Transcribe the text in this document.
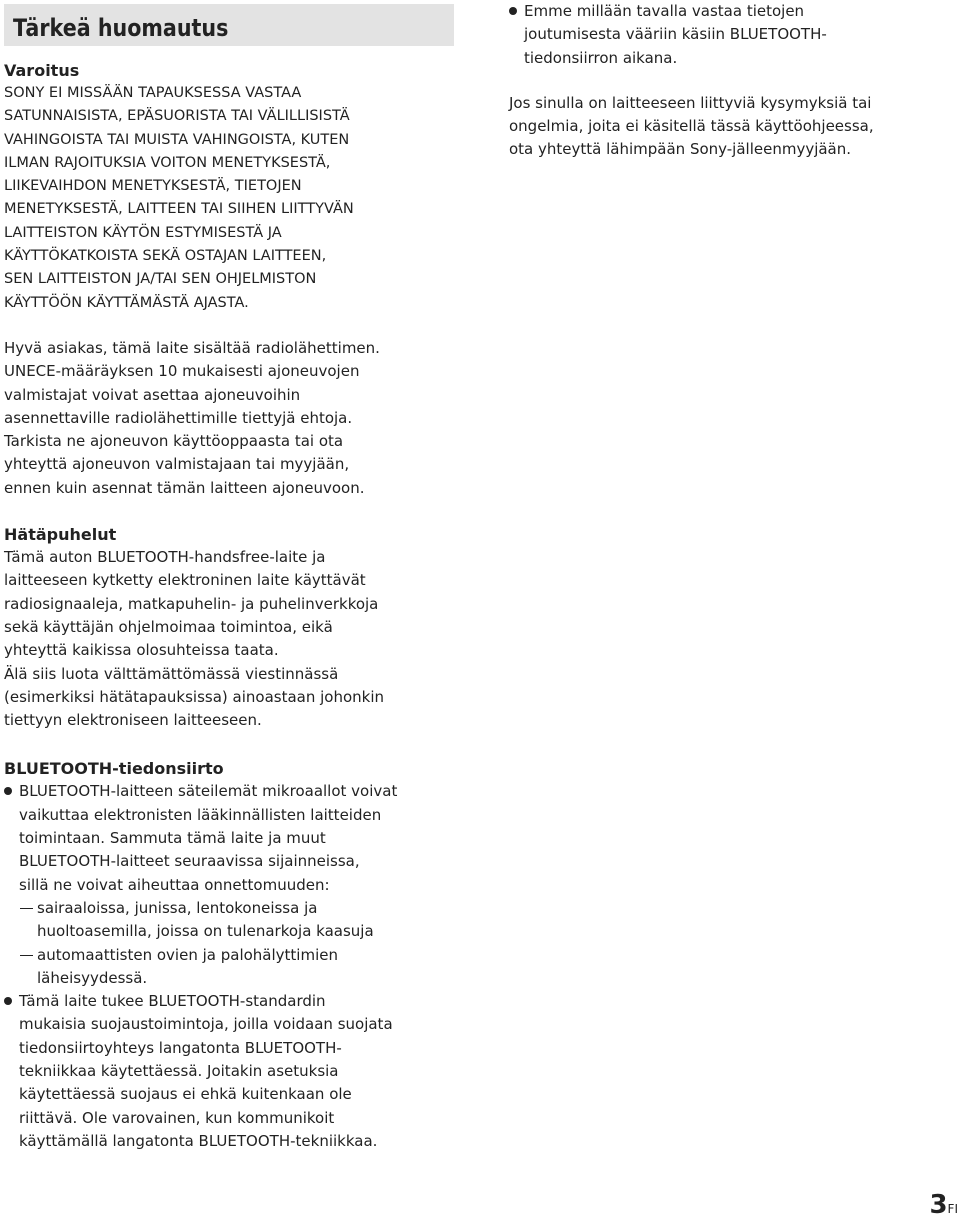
Tärkeä huomautus
Varoitus
SONY EI MISSÄÄN TAPAUKSESSA VASTAA
SATUNNAISISTA, EPÄSUORISTA TAI VÄLILLISISTÄ
VAHINGOISTA TAI MUISTA VAHINGOISTA, KUTEN
ILMAN RAJOITUKSIA VOITON MENETYKSESTÄ,
LIIKEVAIHDON MENETYKSESTÄ, TIETOJEN
MENETYKSESTÄ, LAITTEEN TAI SIIHEN LIITTYVÄN
LAITTEISTON KÄYTÖN ESTYMISESTÄ JA
KÄYTTÖKATKOISTA SEKÄ OSTAJAN LAITTEEN,
SEN LAITTEISTON JA/TAI SEN OHJELMISTON
KÄYTTÖÖN KÄYTTÄMÄSTÄ AJASTA.
Hyvä asiakas, tämä laite sisältää radiolähettimen.
UNECE-määräyksen 10 mukaisesti ajoneuvojen
valmistajat voivat asettaa ajoneuvoihin
asennettaville radiolähettimille tiettyjä ehtoja.
Tarkista ne ajoneuvon käyttöoppaasta tai ota
yhteyttä ajoneuvon valmistajaan tai myyjään,
ennen kuin asennat tämän laitteen ajoneuvoon.
Hätäpuhelut
Tämä auton BLUETOOTH-handsfree-laite ja
laitteeseen kytketty elektroninen laite käyttävät
radiosignaaleja, matkapuhelin- ja puhelinverkkoja
sekä käyttäjän ohjelmoimaa toimintoa, eikä
yhteyttä kaikissa olosuhteissa taata.
Älä siis luota välttämättömässä viestinnässä
(esimerkiksi hätätapauksissa) ainoastaan johonkin
tiettyyn elektroniseen laitteeseen.
BLUETOOTH-tiedonsiirto
BLUETOOTH-laitteen säteilemät mikroaallot voivat
vaikuttaa elektronisten lääkinnällisten laitteiden
toimintaan. Sammuta tämä laite ja muut
BLUETOOTH-laitteet seuraavissa sijainneissa,
sillä ne voivat aiheuttaa onnettomuuden:
sairaaloissa, junissa, lentokoneissa ja
huoltoasemilla, joissa on tulenarkoja kaasuja
automaattisten ovien ja palohälyttimien
läheisyydessä.
Tämä laite tukee BLUETOOTH-standardin
mukaisia suojaustoimintoja, joilla voidaan suojata
tiedonsiirtoyhteys langatonta BLUETOOTH-
tekniikkaa käytettäessä. Joitakin asetuksia
käytettäessä suojaus ei ehkä kuitenkaan ole
riittävä. Ole varovainen, kun kommunikoit
käyttämällä langatonta BLUETOOTH-tekniikkaa.
Emme millään tavalla vastaa tietojen
joutumisesta vääriin käsiin BLUETOOTH-
tiedonsiirron aikana.
Jos sinulla on laitteeseen liittyviä kysymyksiä tai
ongelmia, joita ei käsitellä tässä käyttöohjeessa,
ota yhteyttä lähimpään Sony-jälleenmyyjään.
3FI
